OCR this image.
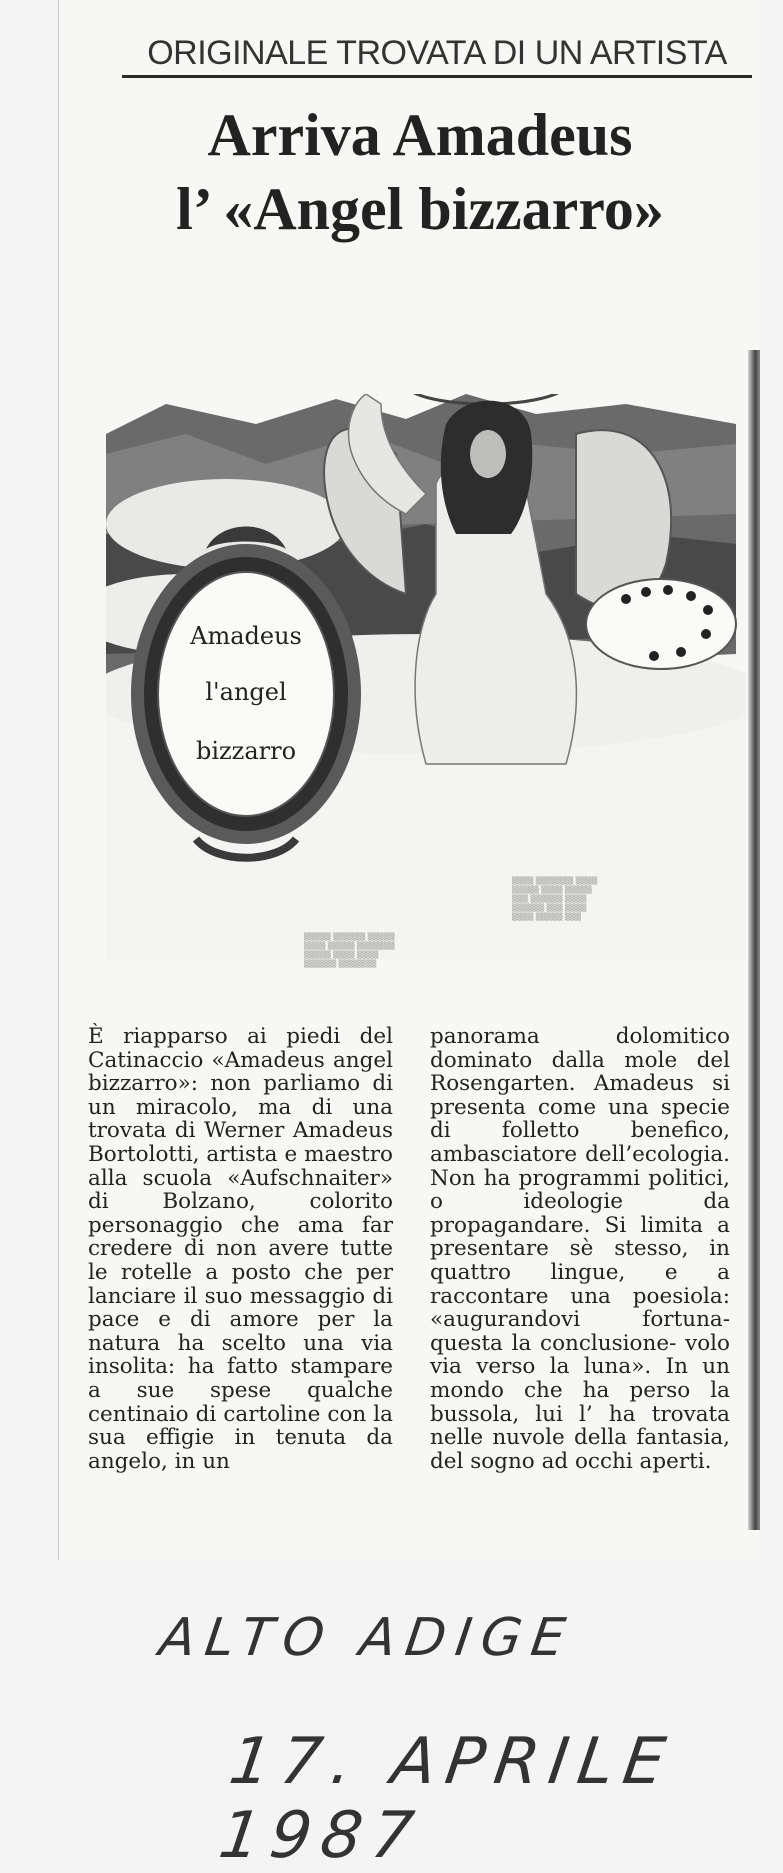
ORIGINALE TROVATA DI UN ARTISTA
Arriva Amadeus
l’ «Angel bizzarro»
Amadeus
l'angel
bizzarro
▒▒▒▒▒ ▒▒▒▒▒▒ ▒▒▒▒▒
▒▒▒▒ ▒▒▒▒▒ ▒▒▒▒▒▒▒
▒▒▒▒▒ ▒▒▒▒ ▒▒▒▒
▒▒▒▒▒▒ ▒▒▒▒▒▒▒
▒▒▒▒ ▒▒▒▒▒▒▒ ▒▒▒▒
▒▒▒▒▒ ▒▒▒▒ ▒▒▒▒▒
▒▒▒ ▒▒▒▒▒▒ ▒▒▒▒
▒▒▒▒▒▒ ▒▒▒ ▒▒▒▒
▒▒▒▒ ▒▒▒▒▒ ▒▒▒
È riapparso ai piedi del Catinaccio «Amadeus angel bizzarro»: non parliamo di un miracolo, ma di una trovata di Werner Amadeus Bortolotti, artista e maestro alla scuola «Aufschnaiter» di Bolzano, colorito personaggio che ama far credere di non avere tutte le rotelle a posto che per lanciare il suo messaggio di pace e di amore per la natura ha scelto una via insolita: ha fatto stampare a sue spese qualche centinaio di cartoline con la sua effigie in tenuta da angelo, in un
panorama dolomitico dominato dalla mole del Rosengarten. Amadeus si presenta come una specie di folletto benefico, ambasciatore dell’ecologia. Non ha programmi politici, o ideologie da propagandare. Si limita a presentare sè stesso, in quattro lingue, e a raccontare una poesiola: «augurandovi fortuna- questa la conclusione- volo via verso la luna». In un mondo che ha perso la bussola, lui l’ ha trovata nelle nuvole della fantasia, del sogno ad occhi aperti.
ALTO ADIGE
17. APRILE 1987
